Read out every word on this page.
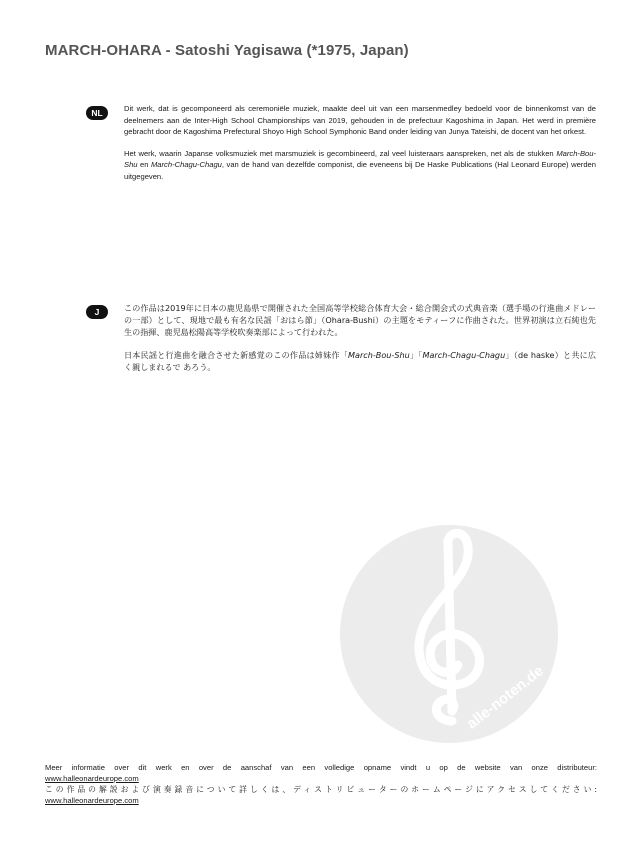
MARCH-OHARA - Satoshi Yagisawa (*1975, Japan)
NL	Dit werk, dat is gecomponeerd als ceremoniële muziek, maakte deel uit van een marsenmedley bedoeld voor de binnenkomst van de deelnemers aan de Inter-High School Championships van 2019, gehouden in de prefectuur Kagoshima in Japan. Het werd in première gebracht door de Kagoshima Prefectural Shoyo High School Symphonic Band onder leiding van Junya Tateishi, de docent van het orkest.

Het werk, waarin Japanse volksmuziek met marsmuziek is gecombineerd, zal veel luisteraars aanspreken, net als de stukken March-Bou-Shu en March-Chagu-Chagu, van de hand van dezelfde componist, die eveneens bij De Haske Publications (Hal Leonard Europe) werden uitgegeven.

J	この作品は2019年に日本の鹿児島県で開催された全国高等学校総合体育大会・総合開会式の式典音楽（選手場の行進曲メドレーの一部）として、現地で最も有名な民謡「おはら節」（Ohara-Bushi）の主題をモティーフに作曲された。世界初演は立石純也先生の指揮、鹿児島松陽高等学校吹奏楽部によって行われた。

日本民謡と行進曲を融合させた新感覚のこの作品は姉妹作「March-Bou-Shu」「March-Chagu-Chagu」（de haske）と共に広く親しまれるで あろう。

alle-noten.de
Meer informatie over dit werk en over de aanschaf van een volledige opname vindt u op de website van onze distributeur:
www.halleonardeurope.com
この作品の解説および演奏録音について詳しくは、ディストリビューターのホームページにアクセスしてください:
www.halleonardeurope.com
